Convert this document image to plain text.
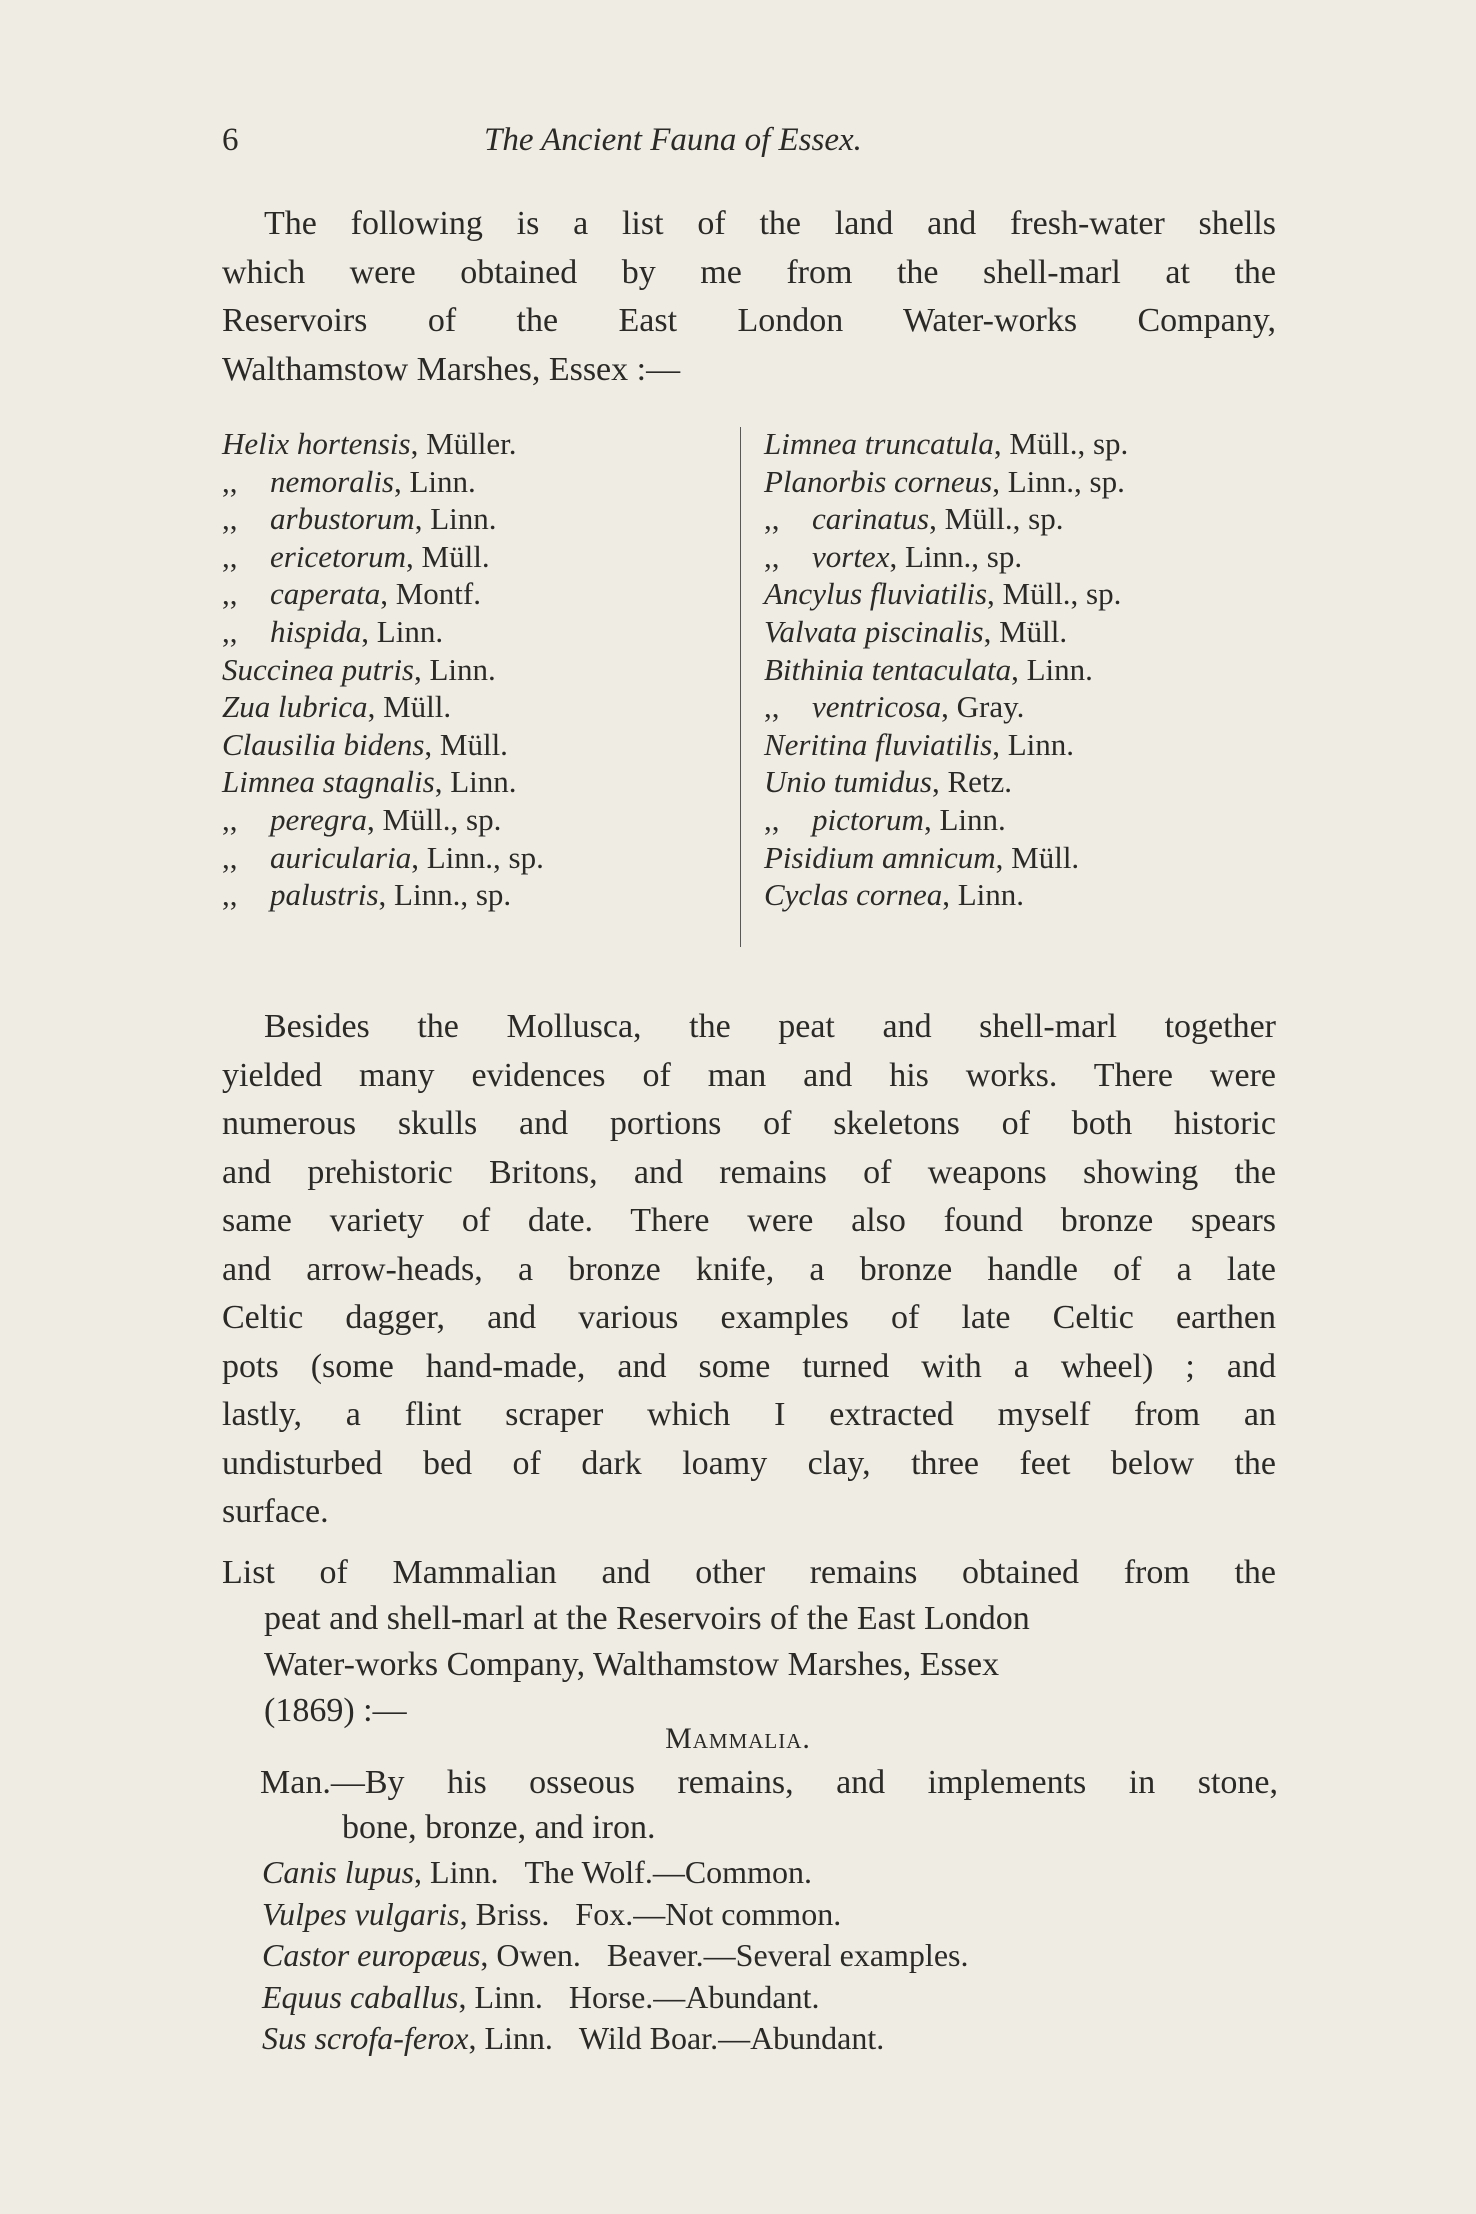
6	The Ancient Fauna of Essex.
The following is a list of the land and fresh-water shells
which were obtained by me from the shell-marl at the
Reservoirs of the East London Water-works Company,
Walthamstow Marshes, Essex :—
Helix hortensis, Müller.
,, nemoralis, Linn.
,, arbustorum, Linn.
,, ericetorum, Müll.
,, caperata, Montf.
,, hispida, Linn.
Succinea putris, Linn.
Zua lubrica, Müll.
Clausilia bidens, Müll.
Limnea stagnalis, Linn.
,, peregra, Müll., sp.
,, auricularia, Linn., sp.
,, palustris, Linn., sp.
Limnea truncatula, Müll., sp.
Planorbis corneus, Linn., sp.
,, carinatus, Müll., sp.
,, vortex, Linn., sp.
Ancylus fluviatilis, Müll., sp.
Valvata piscinalis, Müll.
Bithinia tentaculata, Linn.
,, ventricosa, Gray.
Neritina fluviatilis, Linn.
Unio tumidus, Retz.
,, pictorum, Linn.
Pisidium amnicum, Müll.
Cyclas cornea, Linn.
Besides the Mollusca, the peat and shell-marl together
yielded many evidences of man and his works. There were
numerous skulls and portions of skeletons of both historic
and prehistoric Britons, and remains of weapons showing the
same variety of date. There were also found bronze spears
and arrow-heads, a bronze knife, a bronze handle of a late
Celtic dagger, and various examples of late Celtic earthen
pots (some hand-made, and some turned with a wheel) ; and
lastly, a flint scraper which I extracted myself from an
undisturbed bed of dark loamy clay, three feet below the
surface.
List of Mammalian and other remains obtained from the
peat and shell-marl at the Reservoirs of the East London
Water-works Company, Walthamstow Marshes, Essex
(1869) :—
Mammalia.
Man.—By his osseous remains, and implements in stone,
bone, bronze, and iron.
Canis lupus, Linn. The Wolf.—Common.
Vulpes vulgaris, Briss. Fox.—Not common.
Castor europæus, Owen. Beaver.—Several examples.
Equus caballus, Linn. Horse.—Abundant.
Sus scrofa-ferox, Linn. Wild Boar.—Abundant.
